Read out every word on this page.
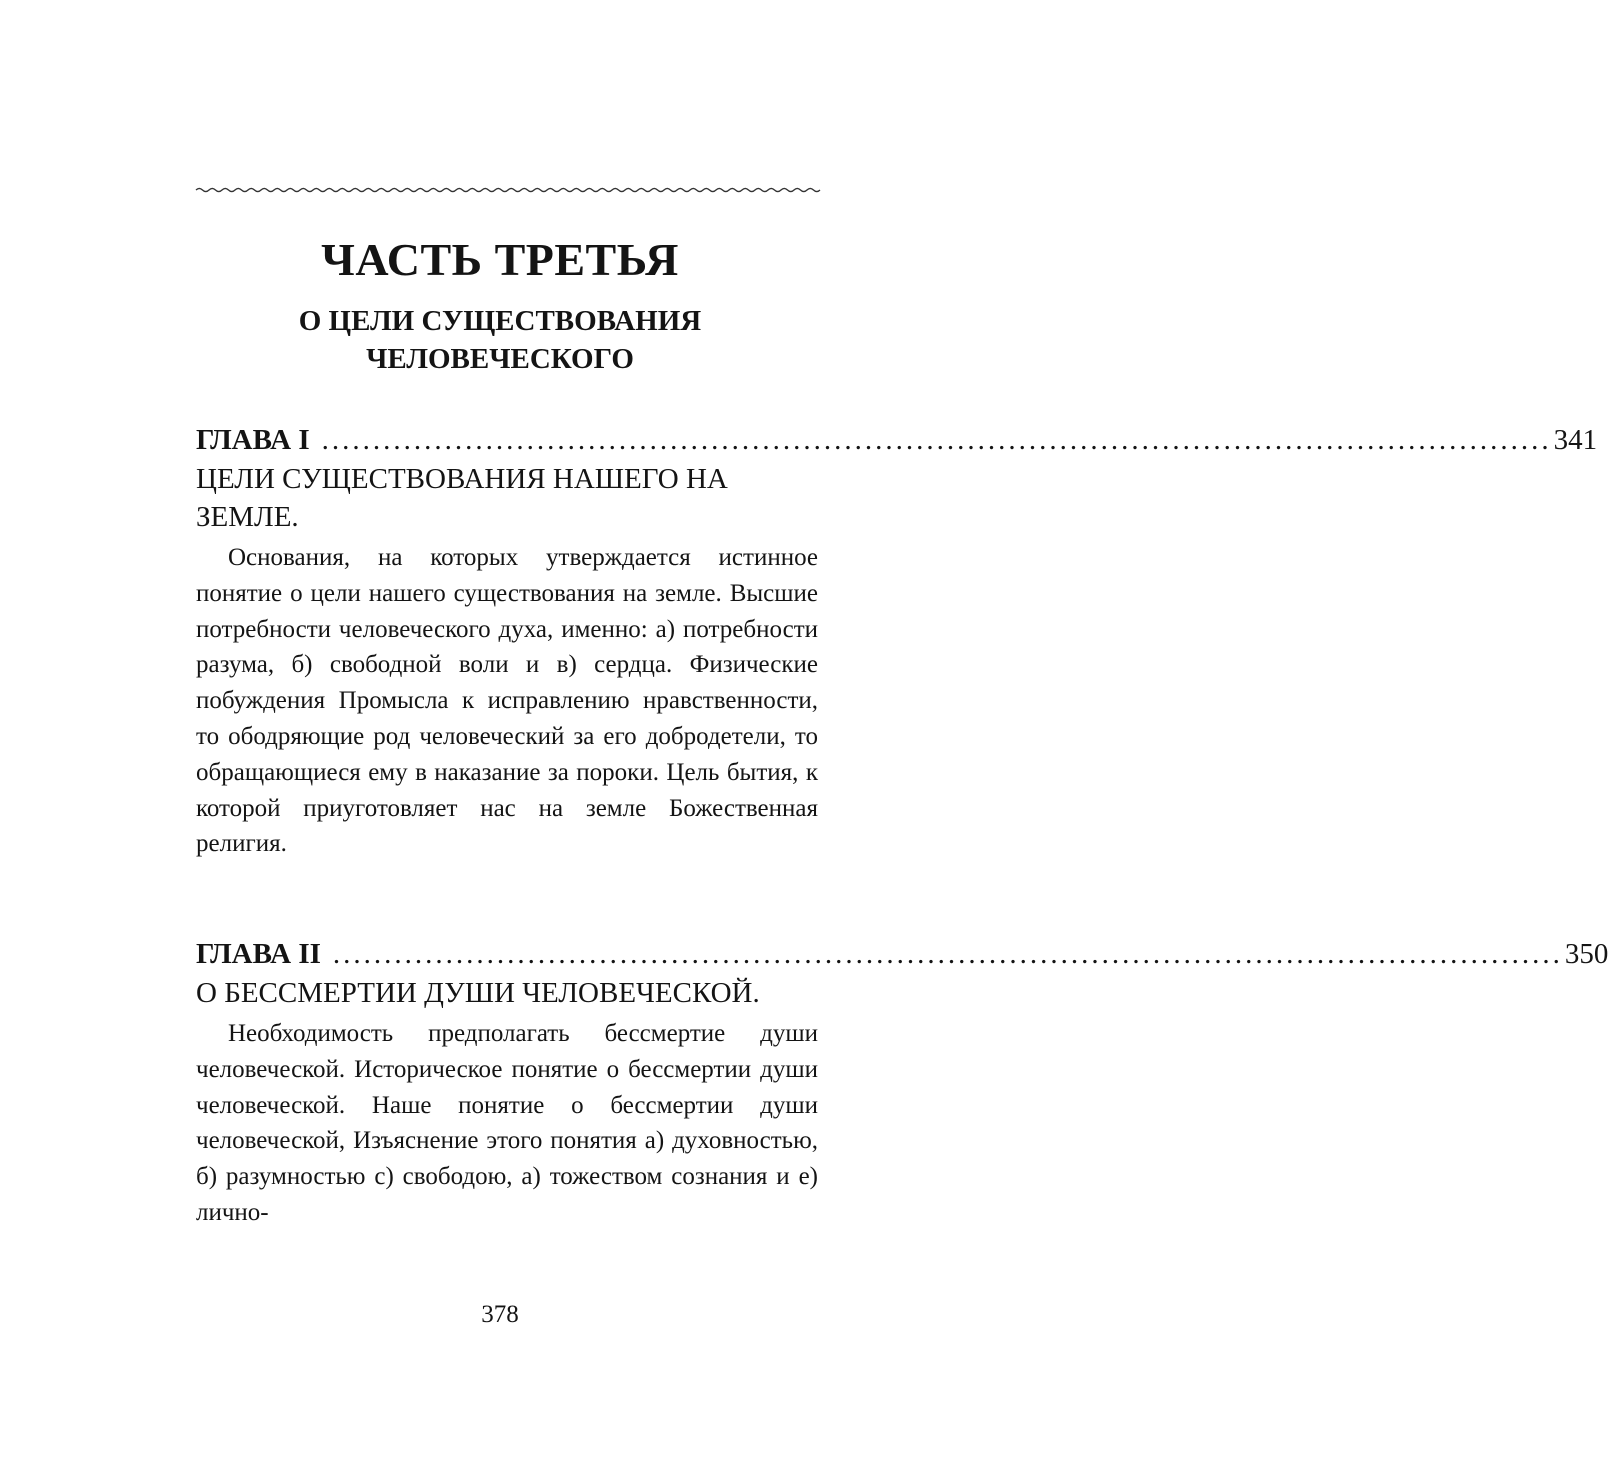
ЧАСТЬ ТРЕТЬЯ
О ЦЕЛИ СУЩЕСТВОВАНИЯ
ЧЕЛОВЕЧЕСКОГО
ГЛАВА I ........................................................................................................................ 341

ЦЕЛИ СУЩЕСТВОВАНИЯ НАШЕГО НА ЗЕМЛЕ.

Основания, на которых утверждается истинное понятие о цели нашего существования на земле. Высшие потребности человеческого духа, именно: а) потребности разума, б) свободной воли и в) сердца. Физические побуждения Промысла к исправлению нравственности, то ободряющие род человеческий за его добродетели, то обращающиеся ему в наказание за пороки. Цель бытия, к которой приуготовляет нас на земле Божественная религия.

ГЛАВА II ........................................................................................................................ 350

О БЕССМЕРТИИ ДУШИ ЧЕЛОВЕЧЕСКОЙ.

Необходимость предполагать бессмертие души человеческой. Историческое понятие о бессмертии души человеческой. Наше понятие о бессмертии души человеческой, Изъяснение этого понятия а) духовностью, б) разумностью c) свободою, а) тожеством сознания и е) лично-

378
